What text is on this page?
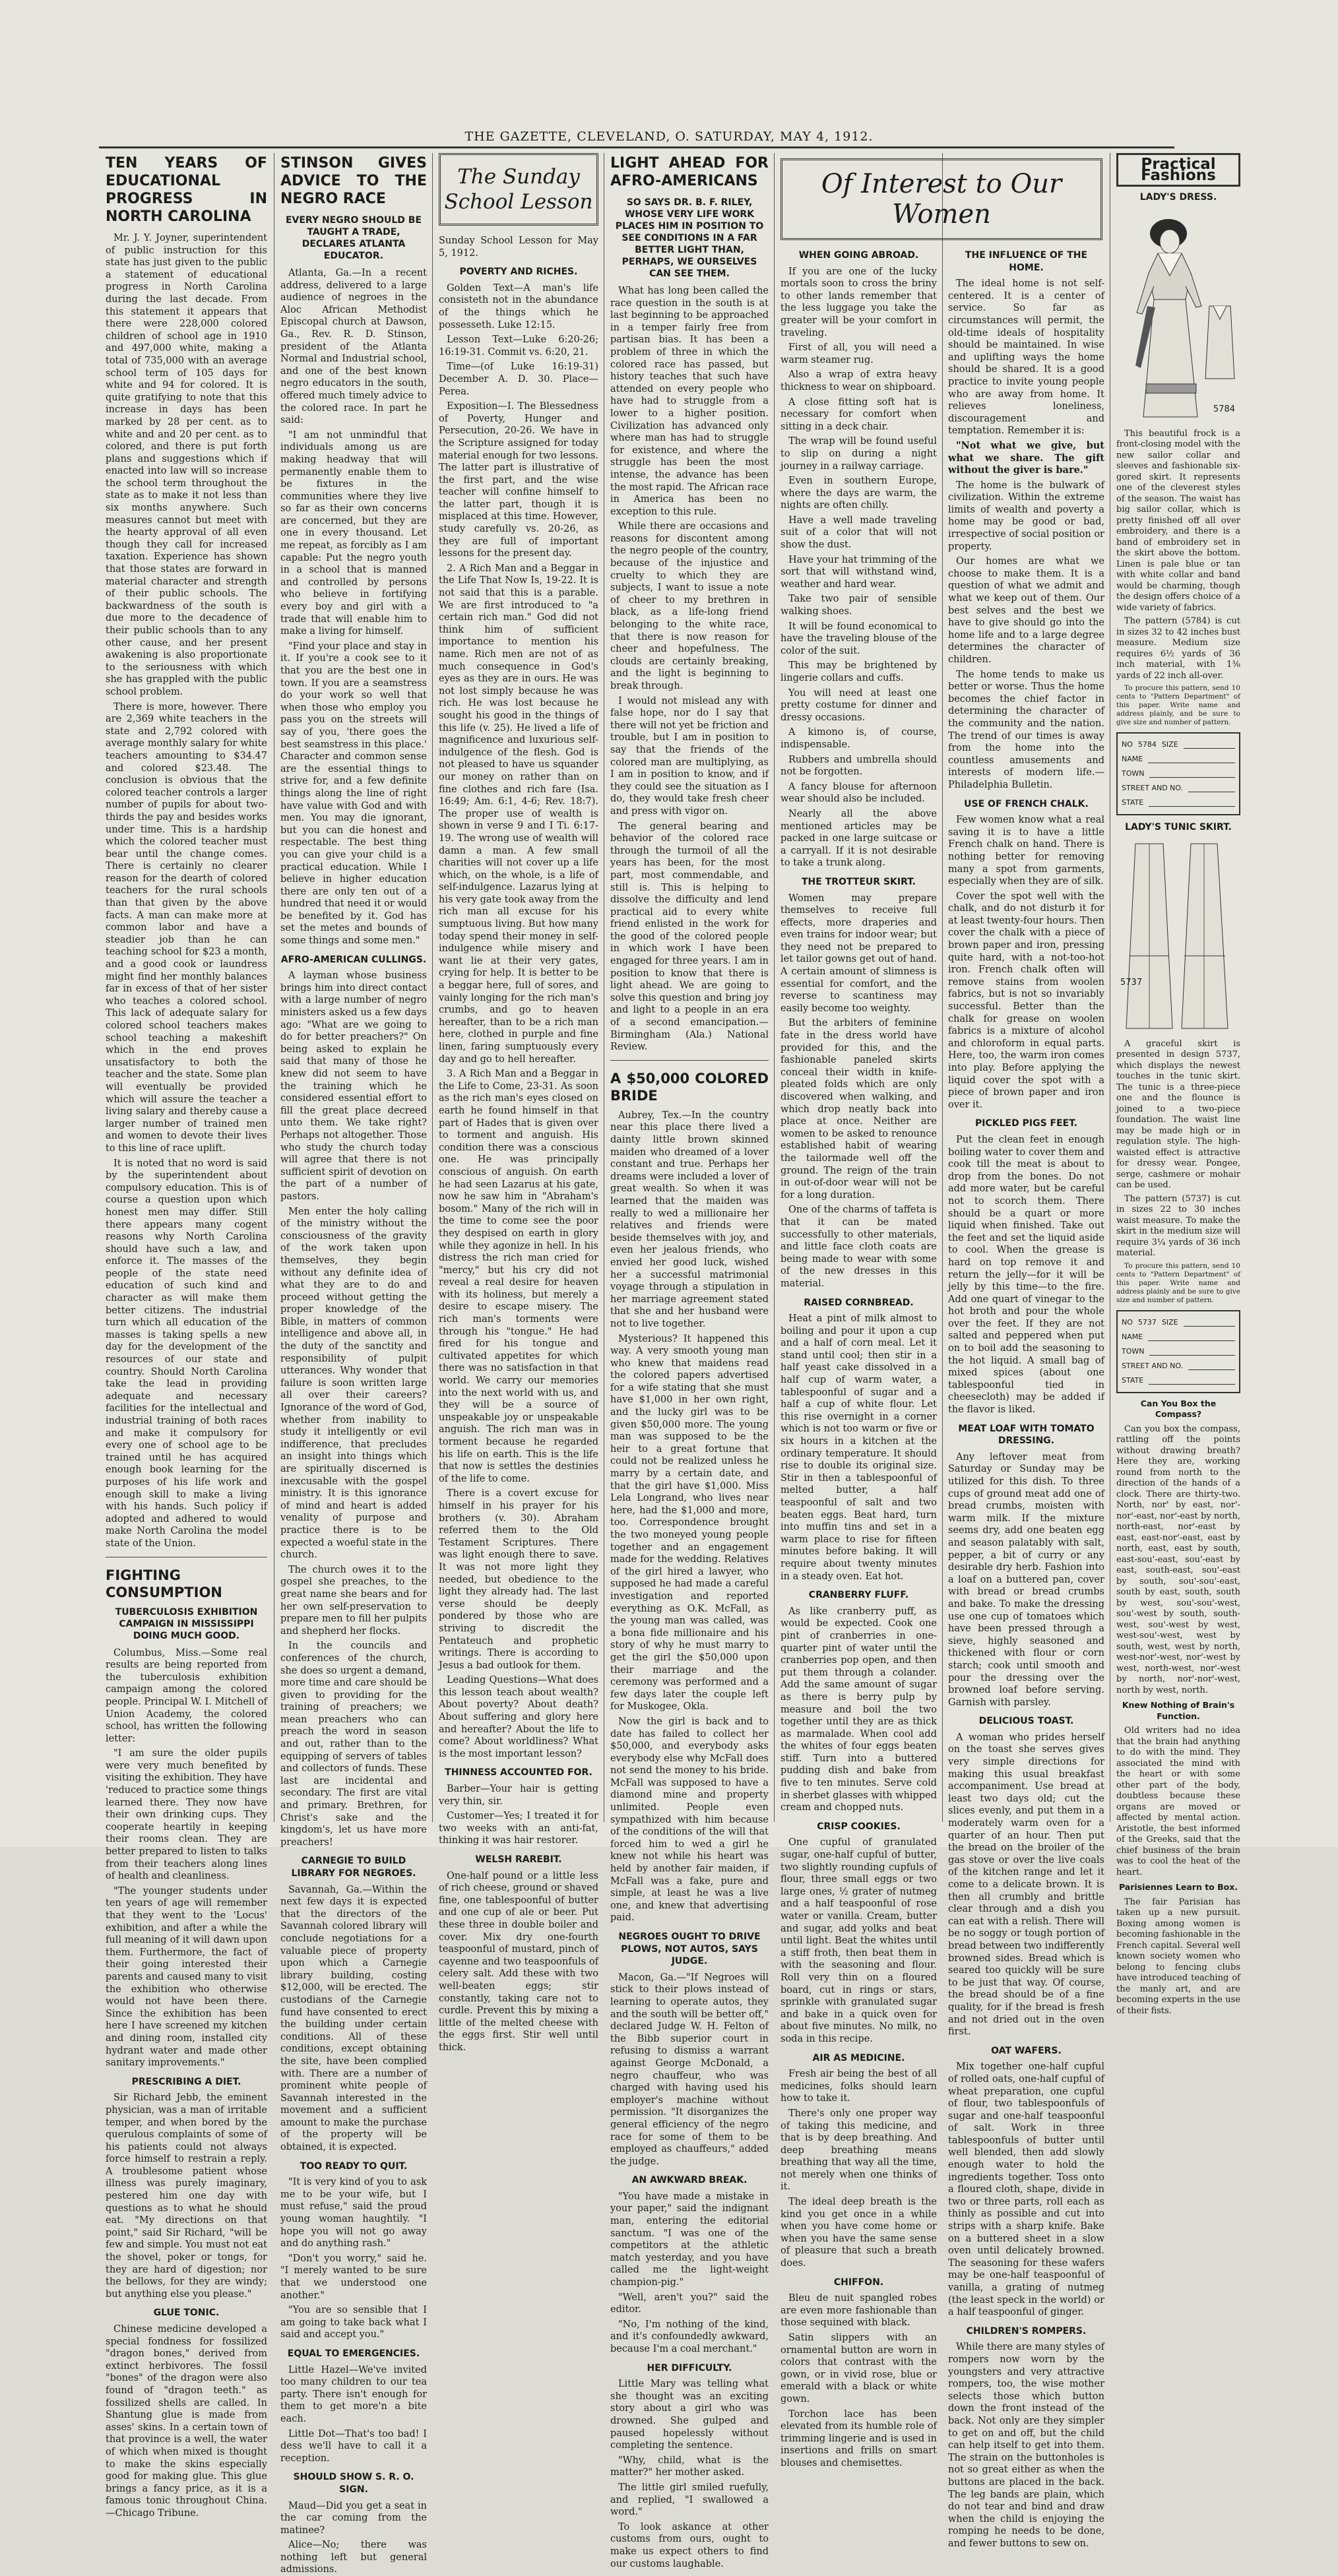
THE GAZETTE, CLEVELAND, O. SATURDAY, MAY 4, 1912.
TEN YEARS OF EDUCATIONAL PROGRESS IN NORTH CAROLINA

Mr. J. Y. Joyner, superintendent of public instruction for this state has just given to the public a statement of educational progress in North Carolina during the last decade. From this statement it appears that there were 228,000 colored children of school age in 1910 and 497,000 white, making a total of 735,000 with an average school term of 105 days for white and 94 for colored. It is quite gratifying to note that this increase in days has been marked by 28 per cent. as to white and and 20 per cent. as to colored, and there is put forth plans and suggestions which if enacted into law will so increase the school term throughout the state as to make it not less than six months anywhere. Such measures cannot but meet with the hearty approval of all even though they call for increased taxation. Experience has shown that those states are forward in material character and strength of their public schools. The backwardness of the south is due more to the decadence of their public schools than to any other cause, and her present awakening is also proportionate to the seriousness with which she has grappled with the public school problem.

There is more, however. There are 2,369 white teachers in the state and 2,792 colored with average monthly salary for white teachers amounting to $34.47 and colored $23.48. The conclusion is obvious that the colored teacher controls a larger number of pupils for about two-thirds the pay and besides works under time. This is a hardship which the colored teacher must bear until the change comes. There is certainly no clearer reason for the dearth of colored teachers for the rural schools than that given by the above facts. A man can make more at common labor and have a steadier job than he can teaching school for $23 a month, and a good cook or laundress might find her monthly balances far in excess of that of her sister who teaches a colored school. This lack of adequate salary for colored school teachers makes school teaching a makeshift which in the end proves unsatisfactory to both the teacher and the state. Some plan will eventually be provided which will assure the teacher a living salary and thereby cause a larger number of trained men and women to devote their lives to this line of race uplift.

It is noted that no word is said by the superintendent about compulsory education. This is of course a question upon which honest men may differ. Still there appears many cogent reasons why North Carolina should have such a law, and enforce it. The masses of the people of the state need education of such kind and character as will make them better citizens. The industrial turn which all education of the masses is taking spells a new day for the development of the resources of our state and country. Should North Carolina take the lead in providing adequate and necessary facilities for the intellectual and industrial training of both races and make it compulsory for every one of school age to be trained until he has acquired enough book learning for the purposes of his life work and enough skill to make a living with his hands. Such policy if adopted and adhered to would make North Carolina the model state of the Union.

FIGHTING CONSUMPTION
TUBERCULOSIS EXHIBITION CAMPAIGN IN MISSISSIPPI DOING MUCH GOOD.

Columbus, Miss.—Some real results are being reported from the tuberculosis exhibition campaign among the colored people. Principal W. I. Mitchell of Union Academy, the colored school, has written the following letter:

"I am sure the older pupils were very much benefited by visiting the exhibition. They have 'reduced to practice some things learned there. They now have their own drinking cups. They cooperate heartily in keeping their rooms clean. They are better prepared to listen to talks from their teachers along lines of health and cleanliness.

"The younger students under ten years of age will remember that they went to the 'Locus' exhibition, and after a while the full meaning of it will dawn upon them. Furthermore, the fact of their going interested their parents and caused many to visit the exhibition who otherwise would not have been there. Since the exhibition has been here I have screened my kitchen and dining room, installed city hydrant water and made other sanitary improvements."

PRESCRIBING A DIET.

Sir Richard Jebb, the eminent physician, was a man of irritable temper, and when bored by the querulous complaints of some of his patients could not always force himself to restrain a reply. A troublesome patient whose illness was purely imaginary, pestered him one day with questions as to what he should eat. "My directions on that point," said Sir Richard, "will be few and simple. You must not eat the shovel, poker or tongs, for they are hard of digestion; nor the bellows, for they are windy; but anything else you please."

GLUE TONIC.

Chinese medicine developed a special fondness for fossilized "dragon bones," derived from extinct herbivores. The fossil "bones" of the dragon were also found of "dragon teeth." as fossilized shells are called. In Shantung glue is made from asses' skins. In a certain town of that province is a well, the water of which when mixed is thought to make the skins especially good for making glue. This glue brings a fancy price, as it is a famous tonic throughout China.—Chicago Tribune.

STINSON GIVES ADVICE TO THE NEGRO RACE
EVERY NEGRO SHOULD BE TAUGHT A TRADE, DECLARES ATLANTA EDUCATOR.

Atlanta, Ga.—In a recent address, delivered to a large audience of negroes in the Aloc African Methodist Episcopal church at Dawson, Ga., Rev. R. D. Stinson, president of the Atlanta Normal and Industrial school, and one of the best known negro educators in the south, offered much timely advice to the colored race. In part he said:

"I am not unmindful that individuals among us are making headway that will permanently enable them to be fixtures in the communities where they live so far as their own concerns are concerned, but they are one in every thousand. Let me repeat, as forcibly as I am capable: Put the negro youth in a school that is manned and controlled by persons who believe in fortifying every boy and girl with a trade that will enable him to make a living for himself.

"Find your place and stay in it. If you're a cook see to it that you are the best one in town. If you are a seamstress do your work so well that when those who employ you pass you on the streets will say of you, 'there goes the best seamstress in this place.' Character and common sense are the essential things to strive for, and a few definite things along the line of right have value with God and with men. You may die ignorant, but you can die honest and respectable. The best thing you can give your child is a practical education. While I believe in higher education there are only ten out of a hundred that need it or would be benefited by it. God has set the metes and bounds of some things and some men."

AFRO-AMERICAN CULLINGS.

A layman whose business brings him into direct contact with a large number of negro ministers asked us a few days ago: "What are we going to do for better preachers?" On being asked to explain he said that many of those he knew did not seem to have the training which he considered essential effort to fill the great place decreed unto them. We take right? Perhaps not altogether. Those who study the church today will agree that there is not sufficient spirit of devotion on the part of a number of pastors.

Men enter the holy calling of the ministry without the consciousness of the gravity of the work taken upon themselves, they begin without any definite idea of what they are to do and proceed without getting the proper knowledge of the Bible, in matters of common intelligence and above all, in the duty of the sanctity and responsibility of pulpit utterances. Why wonder that failure is soon written large all over their careers? Ignorance of the word of God, whether from inability to study it intelligently or evil indifference, that precludes an insight into things which are spiritually discerned is inexcusable with the gospel ministry. It is this ignorance of mind and heart is added venality of purpose and practice there is to be expected a woeful state in the church.

The church owes it to the gospel she preaches, to the great name she bears and for her own self-preservation to prepare men to fill her pulpits and shepherd her flocks.

In the councils and conferences of the church, she does so urgent a demand, more time and care should be given to providing for the training of preachers; we mean preachers who can preach the word in season and out, rather than to the equipping of servers of tables and collectors of funds. These last are incidental and secondary. The first are vital and primary. Brethren, for Christ's sake and the kingdom's, let us have more preachers!

CARNEGIE TO BUILD LIBRARY FOR NEGROES.

Savannah, Ga.—Within the next few days it is expected that the directors of the Savannah colored library will conclude negotiations for a valuable piece of property upon which a Carnegie library building, costing $12,000, will be erected. The custodians of the Carnegie fund have consented to erect the building under certain conditions. All of these conditions, except obtaining the site, have been complied with. There are a number of prominent white people of Savannah interested in the movement and a sufficient amount to make the purchase of the property will be obtained, it is expected.

TOO READY TO QUIT.

"It is very kind of you to ask me to be your wife, but I must refuse," said the proud young woman haughtily. "I hope you will not go away and do anything rash."

"Don't you worry," said he. "I merely wanted to be sure that we understood one another."

"You are so sensible that I am going to take back what I said and accept you."

EQUAL TO EMERGENCIES.

Little Hazel—We've invited too many children to our tea party. There isn't enough for them to get more'n a bite each.

Little Dot—That's too bad! I dess we'll have to call it a reception.

SHOULD SHOW S. R. O. SIGN.

Maud—Did you get a seat in the car coming from the matinee?

Alice—No; there was nothing left but general admissions.

The Sunday
School Lesson

Sunday School Lesson for May 5, 1912.

POVERTY AND RICHES.

Golden Text—A man's life consisteth not in the abundance of the things which he possesseth. Luke 12:15.

Lesson Text—Luke 6:20-26; 16:19-31. Commit vs. 6:20, 21.

Time—(of Luke 16:19-31) December A. D. 30. Place—Perea.

Exposition—I. The Blessedness of Poverty, Hunger and Persecution, 20-26. We have in the Scripture assigned for today material enough for two lessons. The latter part is illustrative of the first part, and the wise teacher will confine himself to the latter part, though it is misplaced at this time. However, study carefully vs. 20-26, as they are full of important lessons for the present day.

2. A Rich Man and a Beggar in the Life That Now Is, 19-22. It is not said that this is a parable. We are first introduced to "a certain rich man." God did not think him of sufficient importance to mention his name. Rich men are not of as much consequence in God's eyes as they are in ours. He was not lost simply because he was rich. He was lost because he sought his good in the things of this life (v. 25). He lived a life of magnificence and luxurious self-indulgence of the flesh. God is not pleased to have us squander our money on rather than on fine clothes and rich fare (Isa. 16:49; Am. 6:1, 4-6; Rev. 18:7). The proper use of wealth is shown in verse 9 and I Ti. 6:17-19. The wrong use of wealth will damn a man. A few small charities will not cover up a life which, on the whole, is a life of self-indulgence. Lazarus lying at his very gate took away from the rich man all excuse for his sumptuous living. But how many today spend their money in self-indulgence while misery and want lie at their very gates, crying for help. It is better to be a beggar here, full of sores, and vainly longing for the rich man's crumbs, and go to heaven hereafter, than to be a rich man here, clothed in purple and fine linen, faring sumptuously every day and go to hell hereafter.

3. A Rich Man and a Beggar in the Life to Come, 23-31. As soon as the rich man's eyes closed on earth he found himself in that part of Hades that is given over to torment and anguish. His condition there was a conscious one. He was principally conscious of anguish. On earth he had seen Lazarus at his gate, now he saw him in "Abraham's bosom." Many of the rich will in the time to come see the poor they despised on earth in glory while they agonize in hell. In his distress the rich man cried for "mercy," but his cry did not reveal a real desire for heaven with its holiness, but merely a desire to escape misery. The rich man's torments were through his "tongue." He had fired for his tongue and cultivated appetites for which there was no satisfaction in that world. We carry our memories into the next world with us, and they will be a source of unspeakable joy or unspeakable anguish. The rich man was in torment because he regarded his life on earth. This is the life that now is settles the destinies of the life to come.

There is a covert excuse for himself in his prayer for his brothers (v. 30). Abraham referred them to the Old Testament Scriptures. There was light enough there to save. It was not more light they needed, but obedience to the light they already had. The last verse should be deeply pondered by those who are striving to discredit the Pentateuch and prophetic writings. There is according to Jesus a bad outlook for them.

Leading Questions—What does this lesson teach about wealth? About poverty? About death? About suffering and glory here and hereafter? About the life to come? About worldliness? What is the most important lesson?

THINNESS ACCOUNTED FOR.

Barber—Your hair is getting very thin, sir.

Customer—Yes; I treated it for two weeks with an anti-fat, thinking it was hair restorer.

WELSH RAREBIT.

One-half pound or a little less of rich cheese, ground or shaved fine, one tablespoonful of butter and one cup of ale or beer. Put these three in double boiler and cover. Mix dry one-fourth teaspoonful of mustard, pinch of cayenne and two teaspoonfuls of celery salt. Add these with two well-beaten eggs; stir constantly, taking care not to curdle. Prevent this by mixing a little of the melted cheese with the eggs first. Stir well until thick.

LIGHT AHEAD FOR AFRO-AMERICANS
SO SAYS DR. B. F. RILEY, WHOSE VERY LIFE WORK PLACES HIM IN POSITION TO SEE CONDITIONS IN A FAR BETTER LIGHT THAN, PERHAPS, WE OURSELVES CAN SEE THEM.

What has long been called the race question in the south is at last beginning to be approached in a temper fairly free from partisan bias. It has been a problem of three in which the colored race has passed, but history teaches that such have attended on every people who have had to struggle from a lower to a higher position. Civilization has advanced only where man has had to struggle for existence, and where the struggle has been the most intense, the advance has been the most rapid. The African race in America has been no exception to this rule.

While there are occasions and reasons for discontent among the negro people of the country, because of the injustice and cruelty to which they are subjects, I want to issue a note of cheer to my brethren in black, as a life-long friend belonging to the white race, that there is now reason for cheer and hopefulness. The clouds are certainly breaking, and the light is beginning to break through.

I would not mislead any with false hope, nor do I say that there will not yet be friction and trouble, but I am in position to say that the friends of the colored man are multiplying, as I am in position to know, and if they could see the situation as I do, they would take fresh cheer and press with vigor on.

The general bearing and behavior of the colored race through the turmoil of all the years has been, for the most part, most commendable, and still is. This is helping to dissolve the difficulty and lend practical aid to every white friend enlisted in the work for the good of the colored people in which work I have been engaged for three years. I am in position to know that there is light ahead. We are going to solve this question and bring joy and light to a people in an era of a second emancipation.—Birmingham (Ala.) National Review.

A $50,000 COLORED BRIDE

Aubrey, Tex.—In the country near this place there lived a dainty little brown skinned maiden who dreamed of a lover constant and true. Perhaps her dreams were included a lover of great wealth. So when it was learned that the maiden was really to wed a millionaire her relatives and friends were beside themselves with joy, and even her jealous friends, who envied her good luck, wished her a successful matrimonial voyage through a stipulation in her marriage agreement stated that she and her husband were not to live together.

Mysterious? It happened this way. A very smooth young man who knew that maidens read the colored papers advertised for a wife stating that she must have $1,000 in her own right, and the lucky girl was to be given $50,000 more. The young man was supposed to be the heir to a great fortune that could not be realized unless he marry by a certain date, and that the girl have $1,000. Miss Lela Longrand, who lives near here, had the $1,000 and more, too. Correspondence brought the two moneyed young people together and an engagement made for the wedding. Relatives of the girl hired a lawyer, who supposed he had made a careful investigation and reported everything as O.K. McFall, as the young man was called, was a bona fide millionaire and his story of why he must marry to get the girl the $50,000 upon their marriage and the ceremony was performed and a few days later the couple left for Muskogee, Okla.

Now the girl is back and to date has failed to collect her $50,000, and everybody asks everybody else why McFall does not send the money to his bride. McFall was supposed to have a diamond mine and property unlimited. People even sympathized with him because of the conditions of the will that forced him to wed a girl he knew not while his heart was held by another fair maiden, if McFall was a fake, pure and simple, at least he was a live one, and knew that advertising paid.

NEGROES OUGHT TO DRIVE PLOWS, NOT AUTOS, SAYS JUDGE.

Macon, Ga.—"If Negroes will stick to their plows instead of learning to operate autos, they and the south will be better off," declared Judge W. H. Felton of the Bibb superior court in refusing to dismiss a warrant against George McDonald, a negro chauffeur, who was charged with having used his employer's machine without permission. "It disorganizes the general efficiency of the negro race for some of them to be employed as chauffeurs," added the judge.

AN AWKWARD BREAK.

"You have made a mistake in your paper," said the indignant man, entering the editorial sanctum. "I was one of the competitors at the athletic match yesterday, and you have called me the light-weight champion-pig."

"Well, aren't you?" said the editor.

"No, I'm nothing of the kind, and it's confoundedly awkward, because I'm a coal merchant."

HER DIFFICULTY.

Little Mary was telling what she thought was an exciting story about a girl who was drowned. She gulped and paused hopelessly without completing the sentence.

"Why, child, what is the matter?" her mother asked.

The little girl smiled ruefully, and replied, "I swallowed a word."

To look askance at other customs from ours, ought to make us expect others to find our customs laughable.

Of Interest to Our Women
WHEN GOING ABROAD.

If you are one of the lucky mortals soon to cross the briny to other lands remember that the less luggage you take the greater will be your comfort in traveling.

First of all, you will need a warm steamer rug.

Also a wrap of extra heavy thickness to wear on shipboard.

A close fitting soft hat is necessary for comfort when sitting in a deck chair.

The wrap will be found useful to slip on during a night journey in a railway carriage.

Even in southern Europe, where the days are warm, the nights are often chilly.

Have a well made traveling suit of a color that will not show the dust.

Have your hat trimming of the sort that will withstand wind, weather and hard wear.

Take two pair of sensible walking shoes.

It will be found economical to have the traveling blouse of the color of the suit.

This may be brightened by lingerie collars and cuffs.

You will need at least one pretty costume for dinner and dressy occasions.

A kimono is, of course, indispensable.

Rubbers and umbrella should not be forgotten.

A fancy blouse for afternoon wear should also be included.

Nearly all the above mentioned articles may be packed in one large suitcase or a carryall. If it is not desirable to take a trunk along.

THE TROTTEUR SKIRT.

Women may prepare themselves to receive full effects, more draperies and even trains for indoor wear; but they need not be prepared to let tailor gowns get out of hand. A certain amount of slimness is essential for comfort, and the reverse to scantiness may easily become too weighty.

But the arbiters of feminine fate in the dress world have provided for this, and the fashionable paneled skirts conceal their width in knife-pleated folds which are only discovered when walking, and which drop neatly back into place at once. Neither are women to be asked to renounce established habit of wearing the tailormade well off the ground. The reign of the train in out-of-door wear will not be for a long duration.

One of the charms of taffeta is that it can be mated successfully to other materials, and little face cloth coats are being made to wear with some of the new dresses in this material.

RAISED CORNBREAD.

Heat a pint of milk almost to boiling and pour it upon a cup and a half of corn meal. Let it stand until cool; then stir in a half yeast cake dissolved in a half cup of warm water, a tablespoonful of sugar and a half a cup of white flour. Let this rise overnight in a corner which is not too warm or five or six hours in a kitchen at the ordinary temperature. It should rise to double its original size. Stir in then a tablespoonful of melted butter, a half teaspoonful of salt and two beaten eggs. Beat hard, turn into muffin tins and set in a warm place to rise for fifteen minutes before baking. It will require about twenty minutes in a steady oven. Eat hot.

CRANBERRY FLUFF.

As like cranberry puff, as would be expected. Cook one pint of cranberries in one-quarter pint of water until the cranberries pop open, and then put them through a colander. Add the same amount of sugar as there is berry pulp by measure and boil the two together until they are as thick as marmalade. When cool add the whites of four eggs beaten stiff. Turn into a buttered pudding dish and bake from five to ten minutes. Serve cold in sherbet glasses with whipped cream and chopped nuts.

CRISP COOKIES.

One cupful of granulated sugar, one-half cupful of butter, two slightly rounding cupfuls of flour, three small eggs or two large ones, ½ grater of nutmeg and a half teaspoonful of rose water or vanilla. Cream, butter and sugar, add yolks and beat until light. Beat the whites until a stiff froth, then beat them in with the seasoning and flour. Roll very thin on a floured board, cut in rings or stars, sprinkle with granulated sugar and bake in a quick oven for about five minutes. No milk, no soda in this recipe.

AIR AS MEDICINE.

Fresh air being the best of all medicines, folks should learn how to take it.

There's only one proper way of taking this medicine, and that is by deep breathing. And deep breathing means breathing that way all the time, not merely when one thinks of it.

The ideal deep breath is the kind you get once in a while when you have come home or when you have the same sense of pleasure that such a breath does.

CHIFFON.

Bleu de nuit spangled robes are even more fashionable than those sequined with black.

Satin slippers with an ornamental button are worn in colors that contrast with the gown, or in vivid rose, blue or emerald with a black or white gown.

Torchon lace has been elevated from its humble role of trimming lingerie and is used in insertions and frills on smart blouses and chemisettes.

THE INFLUENCE OF THE HOME.

The ideal home is not self-centered. It is a center of service. So far as circumstances will permit, the old-time ideals of hospitality should be maintained. In wise and uplifting ways the home should be shared. It is a good practice to invite young people who are away from home. It relieves loneliness, discouragement and temptation. Remember it is:

"Not what we give, but what we share. The gift without the giver is bare."

The home is the bulwark of civilization. Within the extreme limits of wealth and poverty a home may be good or bad, irrespective of social position or property.

Our homes are what we choose to make them. It is a question of what we admit and what we keep out of them. Our best selves and the best we have to give should go into the home life and to a large degree determines the character of children.

The home tends to make us better or worse. Thus the home becomes the chief factor in determining the character of the community and the nation. The trend of our times is away from the home into the countless amusements and interests of modern life.—Philadelphia Bulletin.

USE OF FRENCH CHALK.

Few women know what a real saving it is to have a little French chalk on hand. There is nothing better for removing many a spot from garments, especially when they are of silk.

Cover the spot well with the chalk, and do not disturb it for at least twenty-four hours. Then cover the chalk with a piece of brown paper and iron, pressing quite hard, with a not-too-hot iron. French chalk often will remove stains from woolen fabrics, but is not so invariably successful. Better than the chalk for grease on woolen fabrics is a mixture of alcohol and chloroform in equal parts. Here, too, the warm iron comes into play. Before applying the liquid cover the spot with a piece of brown paper and iron over it.

PICKLED PIGS FEET.

Put the clean feet in enough boiling water to cover them and cook till the meat is about to drop from the bones. Do not add more water, but be careful not to scorch them. There should be a quart or more liquid when finished. Take out the feet and set the liquid aside to cool. When the grease is hard on top remove it and return the jelly—for it will be jelly by this time—to the fire. Add one quart of vinegar to the hot broth and pour the whole over the feet. If they are not salted and peppered when put on to boil add the seasoning to the hot liquid. A small bag of mixed spices (about one tablespoonful tied in cheesecloth) may be added if the flavor is liked.

MEAT LOAF WITH TOMATO DRESSING.

Any leftover meat from Saturday or Sunday may be utilized for this dish. To three cups of ground meat add one of bread crumbs, moisten with warm milk. If the mixture seems dry, add one beaten egg and season palatably with salt, pepper, a bit of curry or any desirable dry herb. Fashion into a loaf on a buttered pan, cover with bread or bread crumbs and bake. To make the dressing use one cup of tomatoes which have been pressed through a sieve, highly seasoned and thickened with flour or corn starch; cook until smooth and pour the dressing over the browned loaf before serving. Garnish with parsley.

DELICIOUS TOAST.

A woman who prides herself on the toast she serves gives very simple directions for making this usual breakfast accompaniment. Use bread at least two days old; cut the slices evenly, and put them in a moderately warm oven for a quarter of an hour. Then put the bread on the broiler of the gas stove or over the live coals of the kitchen range and let it come to a delicate brown. It is then all crumbly and brittle clear through and a dish you can eat with a relish. There will be no soggy or tough portion of bread between two indifferently browned sides. Bread which is seared too quickly will be sure to be just that way. Of course, the bread should be of a fine quality, for if the bread is fresh and not dried out in the oven first.

OAT WAFERS.

Mix together one-half cupful of rolled oats, one-half cupful of wheat preparation, one cupful of flour, two tablespoonfuls of sugar and one-half teaspoonful of salt. Work in three tablespoonfuls of butter until well blended, then add slowly enough water to hold the ingredients together. Toss onto a floured cloth, shape, divide in two or three parts, roll each as thinly as possible and cut into strips with a sharp knife. Bake on a buttered sheet in a slow oven until delicately browned. The seasoning for these wafers may be one-half teaspoonful of vanilla, a grating of nutmeg (the least speck in the world) or a half teaspoonful of ginger.

CHILDREN'S ROMPERS.

While there are many styles of rompers now worn by the youngsters and very attractive rompers, too, the wise mother selects those which button down the front instead of the back. Not only are they simpler to get on and off, but the child can help itself to get into them. The strain on the buttonholes is not so great either as when the buttons are placed in the back. The leg bands are plain, which do not tear and bind and draw when the child is enjoying the romping he needs to be done, and fewer buttons to sew on.

Practical Fashions
LADY'S DRESS.
5784

This beautiful frock is a front-closing model with the new sailor collar and sleeves and fashionable six-gored skirt. It represents one of the cleverest styles of the season. The waist has big sailor collar, which is pretty finished off all over embroidery, and there is a band of embroidery set in the skirt above the bottom. Linen is pale blue or tan with white collar and band would be charming, though the design offers choice of a wide variety of fabrics.

The pattern (5784) is cut in sizes 32 to 42 inches bust measure. Medium size requires 6½ yards of 36 inch material, with 1⅜ yards of 22 inch all-over.

To procure this pattern, send 10 cents to "Pattern Department" of this paper. Write name and address plainly, and be sure to give size and number of pattern.

NO 5784 SIZE
NAME
TOWN
STREET AND NO.
STATE
LADY'S TUNIC SKIRT.
5737

A graceful skirt is presented in design 5737, which displays the newest touches in the tunic skirt. The tunic is a three-piece one and the flounce is joined to a two-piece foundation. The waist line may be made high or in regulation style. The high-waisted effect is attractive for dressy wear. Pongee, serge, cashmere or mohair can be used.

The pattern (5737) is cut in sizes 22 to 30 inches waist measure. To make the skirt in the medium size will require 3¼ yards of 36 inch material.

To procure this pattern, send 10 cents to "Pattern Department" of this paper. Write name and address plainly and be sure to give size and number of pattern.

NO 5737 SIZE
NAME
TOWN
STREET AND NO.
STATE
Can You Box the Compass?

Can you box the compass, rattling off the points without drawing breath? Here they are, working round from north to the direction of the hands of a clock. There are thirty-two. North, nor' by east, nor'-nor'-east, nor'-east by north, north-east, nor'-east by east, east-nor'-east, east by north, east, east by south, east-sou'-east, sou'-east by east, south-east, sou'-east by south, sou'-sou'-east, south by east, south, south by west, sou'-sou'-west, sou'-west by south, south-west, sou'-west by west, west-sou'-west, west by south, west, west by north, west-nor'-west, nor'-west by west, north-west, nor'-west by north, nor'-nor'-west, north by west, north.

Knew Nothing of Brain's Function.

Old writers had no idea that the brain had anything to do with the mind. They associated the mind with the heart or with some other part of the body, doubtless because these organs are moved or affected by mental action. Aristotle, the best informed of the Greeks, said that the chief business of the brain was to cool the heat of the heart.

Parisiennes Learn to Box.

The fair Parisian has taken up a new pursuit. Boxing among women is becoming fashionable in the French capital. Several well known society women who belong to fencing clubs have introduced teaching of the manly art, and are becoming experts in the use of their fists.
